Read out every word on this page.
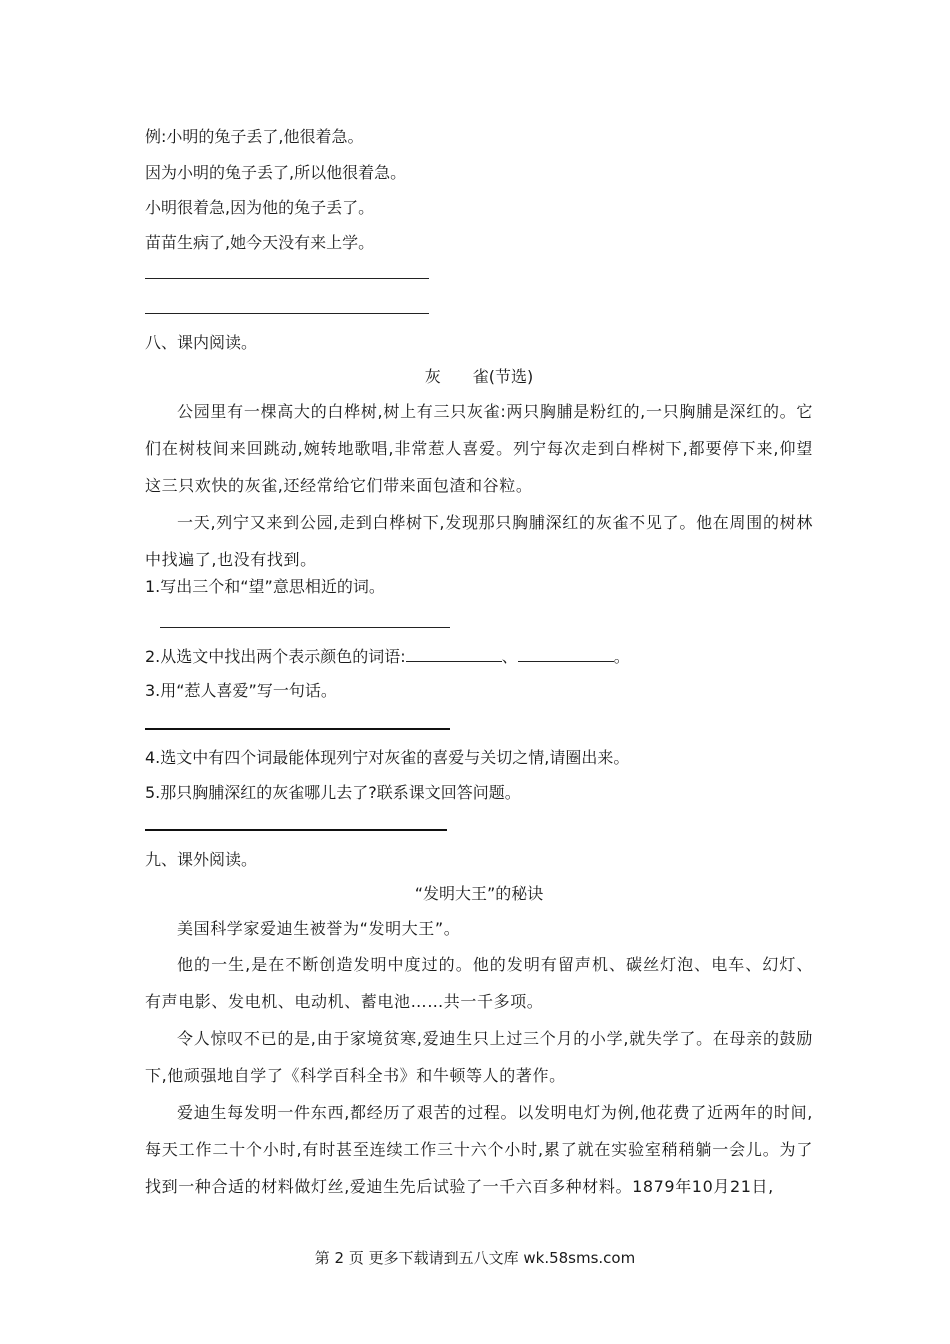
例:小明的兔子丢了,他很着急。
因为小明的兔子丢了,所以他很着急。
小明很着急,因为他的兔子丢了。
苗苗生病了,她今天没有来上学。
八、课内阅读。
灰　　雀(节选)
公园里有一棵高大的白桦树,树上有三只灰雀:两只胸脯是粉红的,一只胸脯是深红的。它们在树枝间来回跳动,婉转地歌唱,非常惹人喜爱。列宁每次走到白桦树下,都要停下来,仰望这三只欢快的灰雀,还经常给它们带来面包渣和谷粒。
一天,列宁又来到公园,走到白桦树下,发现那只胸脯深红的灰雀不见了。他在周围的树林中找遍了,也没有找到。
1.写出三个和“望”意思相近的词。
2.从选文中找出两个表示颜色的词语:	、	。
3.用“惹人喜爱”写一句话。
4.选文中有四个词最能体现列宁对灰雀的喜爱与关切之情,请圈出来。
5.那只胸脯深红的灰雀哪儿去了?联系课文回答问题。
九、课外阅读。
“发明大王”的秘诀
美国科学家爱迪生被誉为“发明大王”。
他的一生,是在不断创造发明中度过的。他的发明有留声机、碳丝灯泡、电车、幻灯、有声电影、发电机、电动机、蓄电池……共一千多项。
令人惊叹不已的是,由于家境贫寒,爱迪生只上过三个月的小学,就失学了。在母亲的鼓励下,他顽强地自学了《科学百科全书》和牛顿等人的著作。
爱迪生每发明一件东西,都经历了艰苦的过程。以发明电灯为例,他花费了近两年的时间,每天工作二十个小时,有时甚至连续工作三十六个小时,累了就在实验室稍稍躺一会儿。为了找到一种合适的材料做灯丝,爱迪生先后试验了一千六百多种材料。1879年10月21日,
第 2 页 更多下载请到五八文库 wk.58sms.com
